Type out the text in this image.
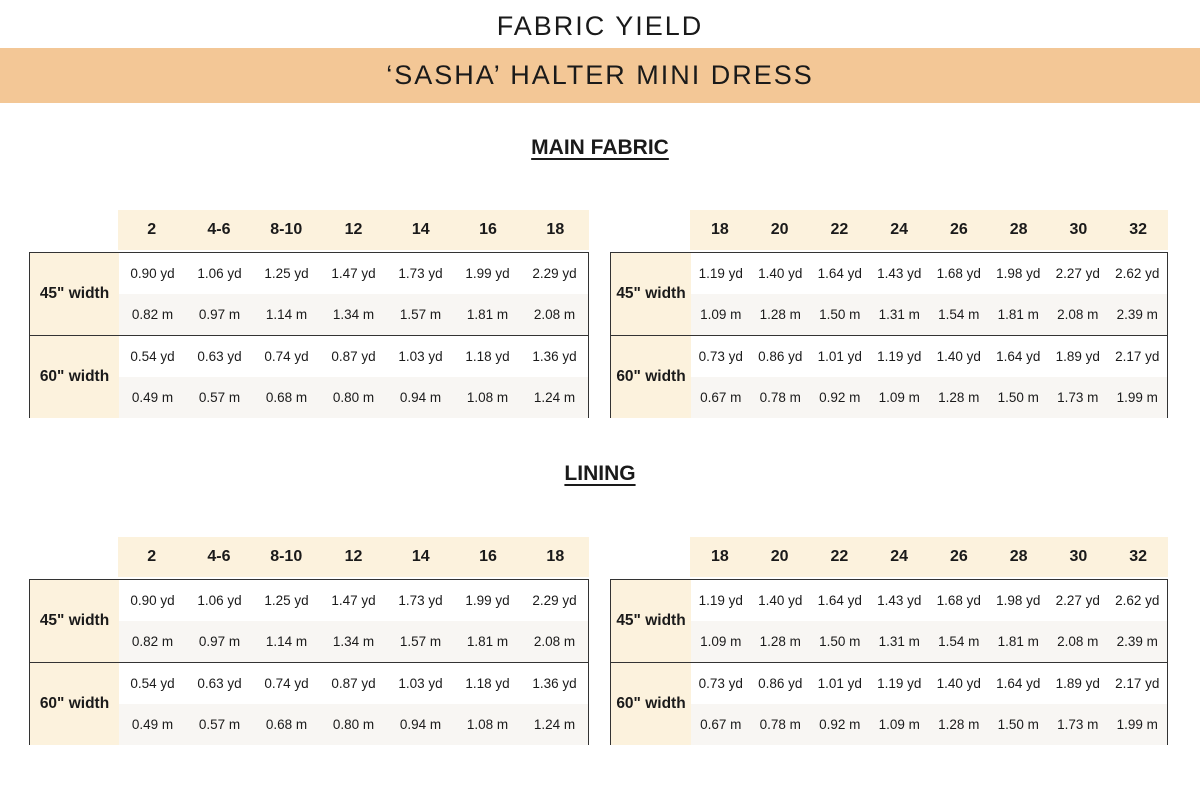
FABRIC YIELD
‘SASHA’ HALTER MINI DRESS
MAIN FABRIC
LINING
2	4-6	8-10	12	14	16	18
45" width
0.90 yd	1.06 yd	1.25 yd	1.47 yd	1.73 yd	1.99 yd	2.29 yd
0.82 m	0.97 m	1.14 m	1.34 m	1.57 m	1.81 m	2.08 m
60" width
0.54 yd	0.63 yd	0.74 yd	0.87 yd	1.03 yd	1.18 yd	1.36 yd
0.49 m	0.57 m	0.68 m	0.80 m	0.94 m	1.08 m	1.24 m
18	20	22	24	26	28	30	32
45" width
1.19 yd	1.40 yd	1.64 yd	1.43 yd	1.68 yd	1.98 yd	2.27 yd	2.62 yd
1.09 m	1.28 m	1.50 m	1.31 m	1.54 m	1.81 m	2.08 m	2.39 m
60" width
0.73 yd	0.86 yd	1.01 yd	1.19 yd	1.40 yd	1.64 yd	1.89 yd	2.17 yd
0.67 m	0.78 m	0.92 m	1.09 m	1.28 m	1.50 m	1.73 m	1.99 m
2	4-6	8-10	12	14	16	18
45" width
0.90 yd	1.06 yd	1.25 yd	1.47 yd	1.73 yd	1.99 yd	2.29 yd
0.82 m	0.97 m	1.14 m	1.34 m	1.57 m	1.81 m	2.08 m
60" width
0.54 yd	0.63 yd	0.74 yd	0.87 yd	1.03 yd	1.18 yd	1.36 yd
0.49 m	0.57 m	0.68 m	0.80 m	0.94 m	1.08 m	1.24 m
18	20	22	24	26	28	30	32
45" width
1.19 yd	1.40 yd	1.64 yd	1.43 yd	1.68 yd	1.98 yd	2.27 yd	2.62 yd
1.09 m	1.28 m	1.50 m	1.31 m	1.54 m	1.81 m	2.08 m	2.39 m
60" width
0.73 yd	0.86 yd	1.01 yd	1.19 yd	1.40 yd	1.64 yd	1.89 yd	2.17 yd
0.67 m	0.78 m	0.92 m	1.09 m	1.28 m	1.50 m	1.73 m	1.99 m
